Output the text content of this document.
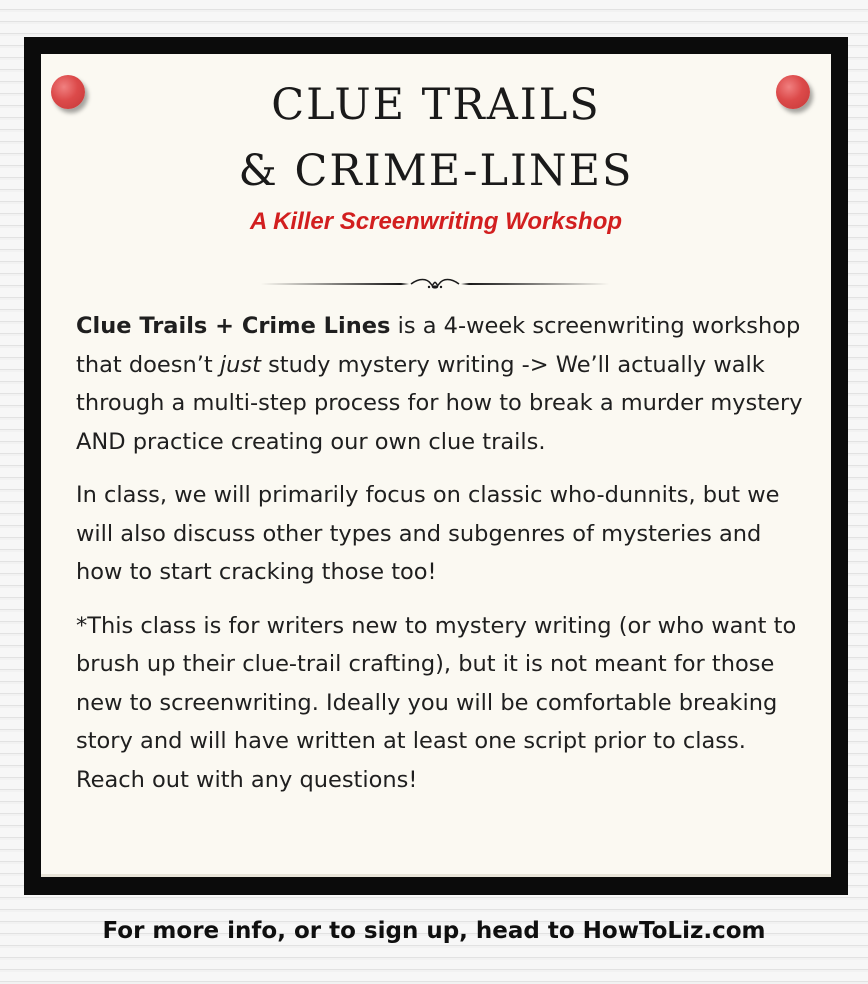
CLUE TRAILS
& CRIME-LINES
A Killer Screenwriting Workshop

Clue Trails + Crime Lines is a 4-week screenwriting workshop that doesn’t just study mystery writing -> We’ll actually walk through a multi-step process for how to break a murder mystery AND practice creating our own clue trails.

In class, we will primarily focus on classic who-dunnits, but we will also discuss other types and subgenres of mysteries and how to start cracking those too!

*This class is for writers new to mystery writing (or who want to brush up their clue-trail crafting), but it is not meant for those new to screenwriting. Ideally you will be comfortable breaking story and will have written at least one script prior to class. Reach out with any questions!

For more info, or to sign up, head to HowToLiz.com
